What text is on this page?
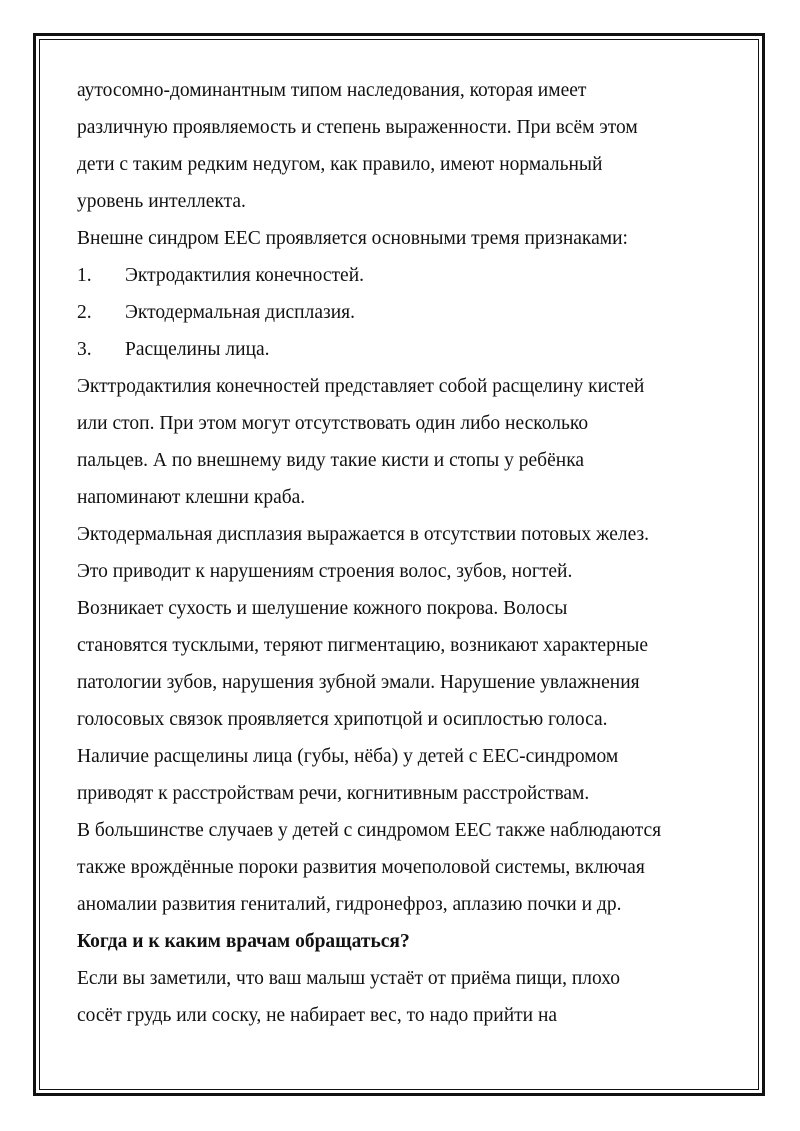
аутосомно-доминантным типом наследования, которая имеет
различную проявляемость и степень выраженности. При всём этом
дети с таким редким недугом, как правило, имеют нормальный
уровень интеллекта.
Внешне синдром ЕЕС проявляется основными тремя признаками:
1. Эктродактилия конечностей.
2. Эктодермальная дисплазия.
3. Расщелины лица.
Экттродактилия конечностей представляет собой расщелину кистей
или стоп. При этом могут отсутствовать один либо несколько
пальцев. А по внешнему виду такие кисти и стопы у ребёнка
напоминают клешни краба.
Эктодермальная дисплазия выражается в отсутствии потовых желез.
Это приводит к нарушениям строения волос, зубов, ногтей.
Возникает сухость и шелушение кожного покрова. Волосы
становятся тусклыми, теряют пигментацию, возникают характерные
патологии зубов, нарушения зубной эмали. Нарушение увлажнения
голосовых связок проявляется хрипотцой и осиплостью голоса.
Наличие расщелины лица (губы, нёба) у детей с ЕЕС-синдромом
приводят к расстройствам речи, когнитивным расстройствам.
В большинстве случаев у детей с синдромом ЕЕС также наблюдаются
также врождённые пороки развития мочеполовой системы, включая
аномалии развития гениталий, гидронефроз, аплазию почки и др.
Когда и к каким врачам обращаться?
Если вы заметили, что ваш малыш устаёт от приёма пищи, плохо
сосёт грудь или соску, не набирает вес, то надо прийти на
